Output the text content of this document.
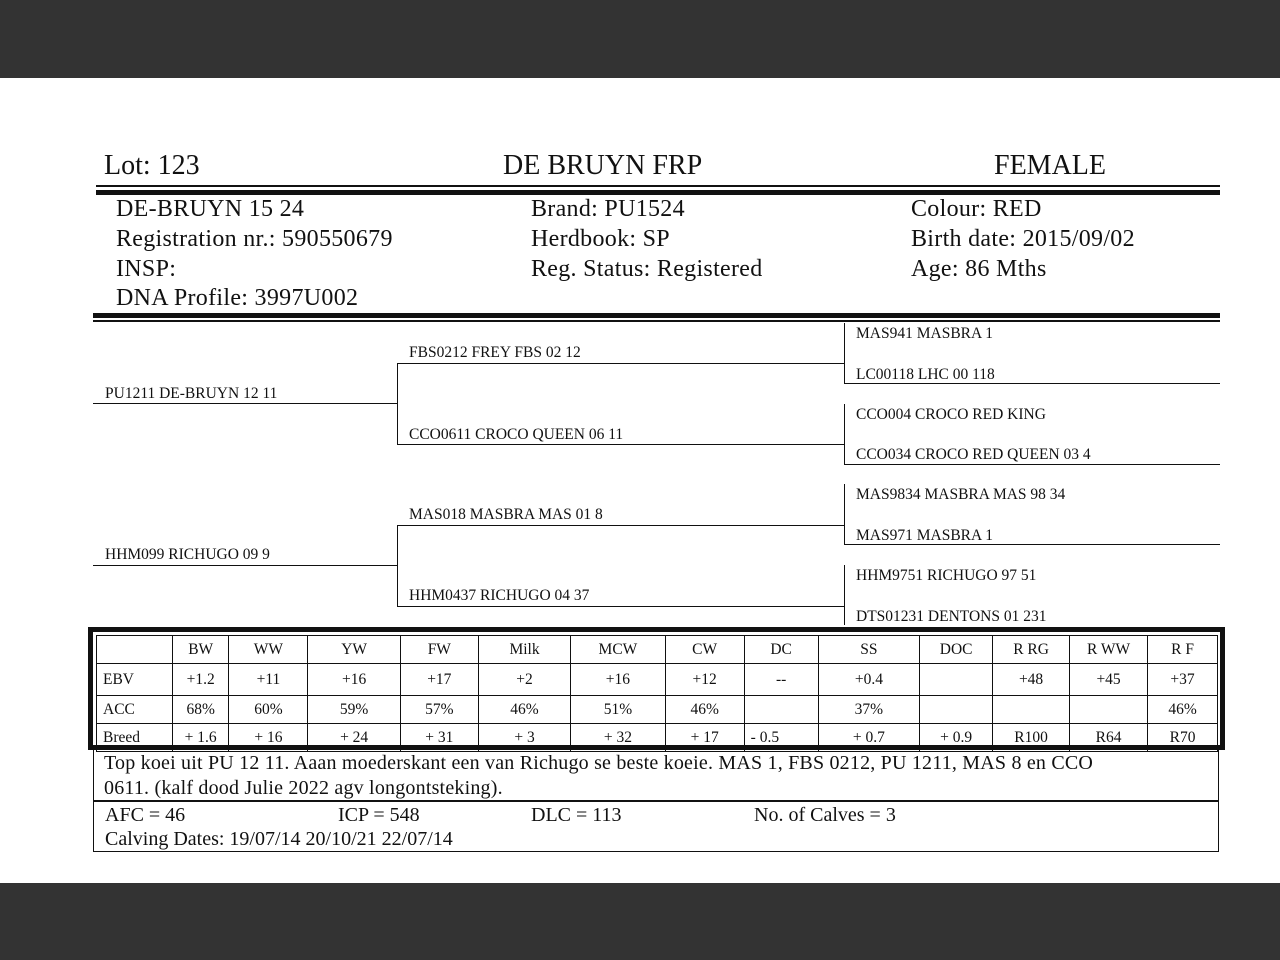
Lot: 123	DE BRUYN FRP	FEMALE
DE-BRUYN 15 24
Registration nr.: 590550679
INSP:
DNA Profile: 3997U002
Brand: PU1524
Herdbook: SP
Reg. Status: Registered
Colour: RED
Birth date: 2015/09/02
Age: 86 Mths
PU1211 DE-BRUYN 12 11
HHM099 RICHUGO 09 9
FBS0212 FREY FBS 02 12
CCO0611 CROCO QUEEN 06 11
MAS018 MASBRA MAS 01 8
HHM0437 RICHUGO 04 37
MAS941 MASBRA 1
LC00118 LHC 00 118
CCO004 CROCO RED KING
CCO034 CROCO RED QUEEN 03 4
MAS9834 MASBRA MAS 98 34
MAS971 MASBRA 1
HHM9751 RICHUGO 97 51
DTS01231 DENTONS 01 231
	BW	WW	YW	FW	Milk	MCW	CW	DC	SS	DOC	R RG	R WW	R F
EBV	+1.2	+11	+16	+17	+2	+16	+12	--	+0.4		+48	+45	+37
ACC	68%	60%	59%	57%	46%	51%	46%		37%				46%
Breed	+ 1.6	+ 16	+ 24	+ 31	+ 3	+ 32	+ 17	- 0.5	+ 0.7	+ 0.9	R100	R64	R70
Top koei uit PU 12 11. Aaan moederskant een van Richugo se beste koeie. MAS 1, FBS 0212, PU 1211, MAS 8 en CCO
0611. (kalf dood Julie 2022 agv longontsteking).
AFC = 46	ICP = 548	DLC = 113	No. of Calves = 3
Calving Dates: 19/07/14 20/10/21 22/07/14
